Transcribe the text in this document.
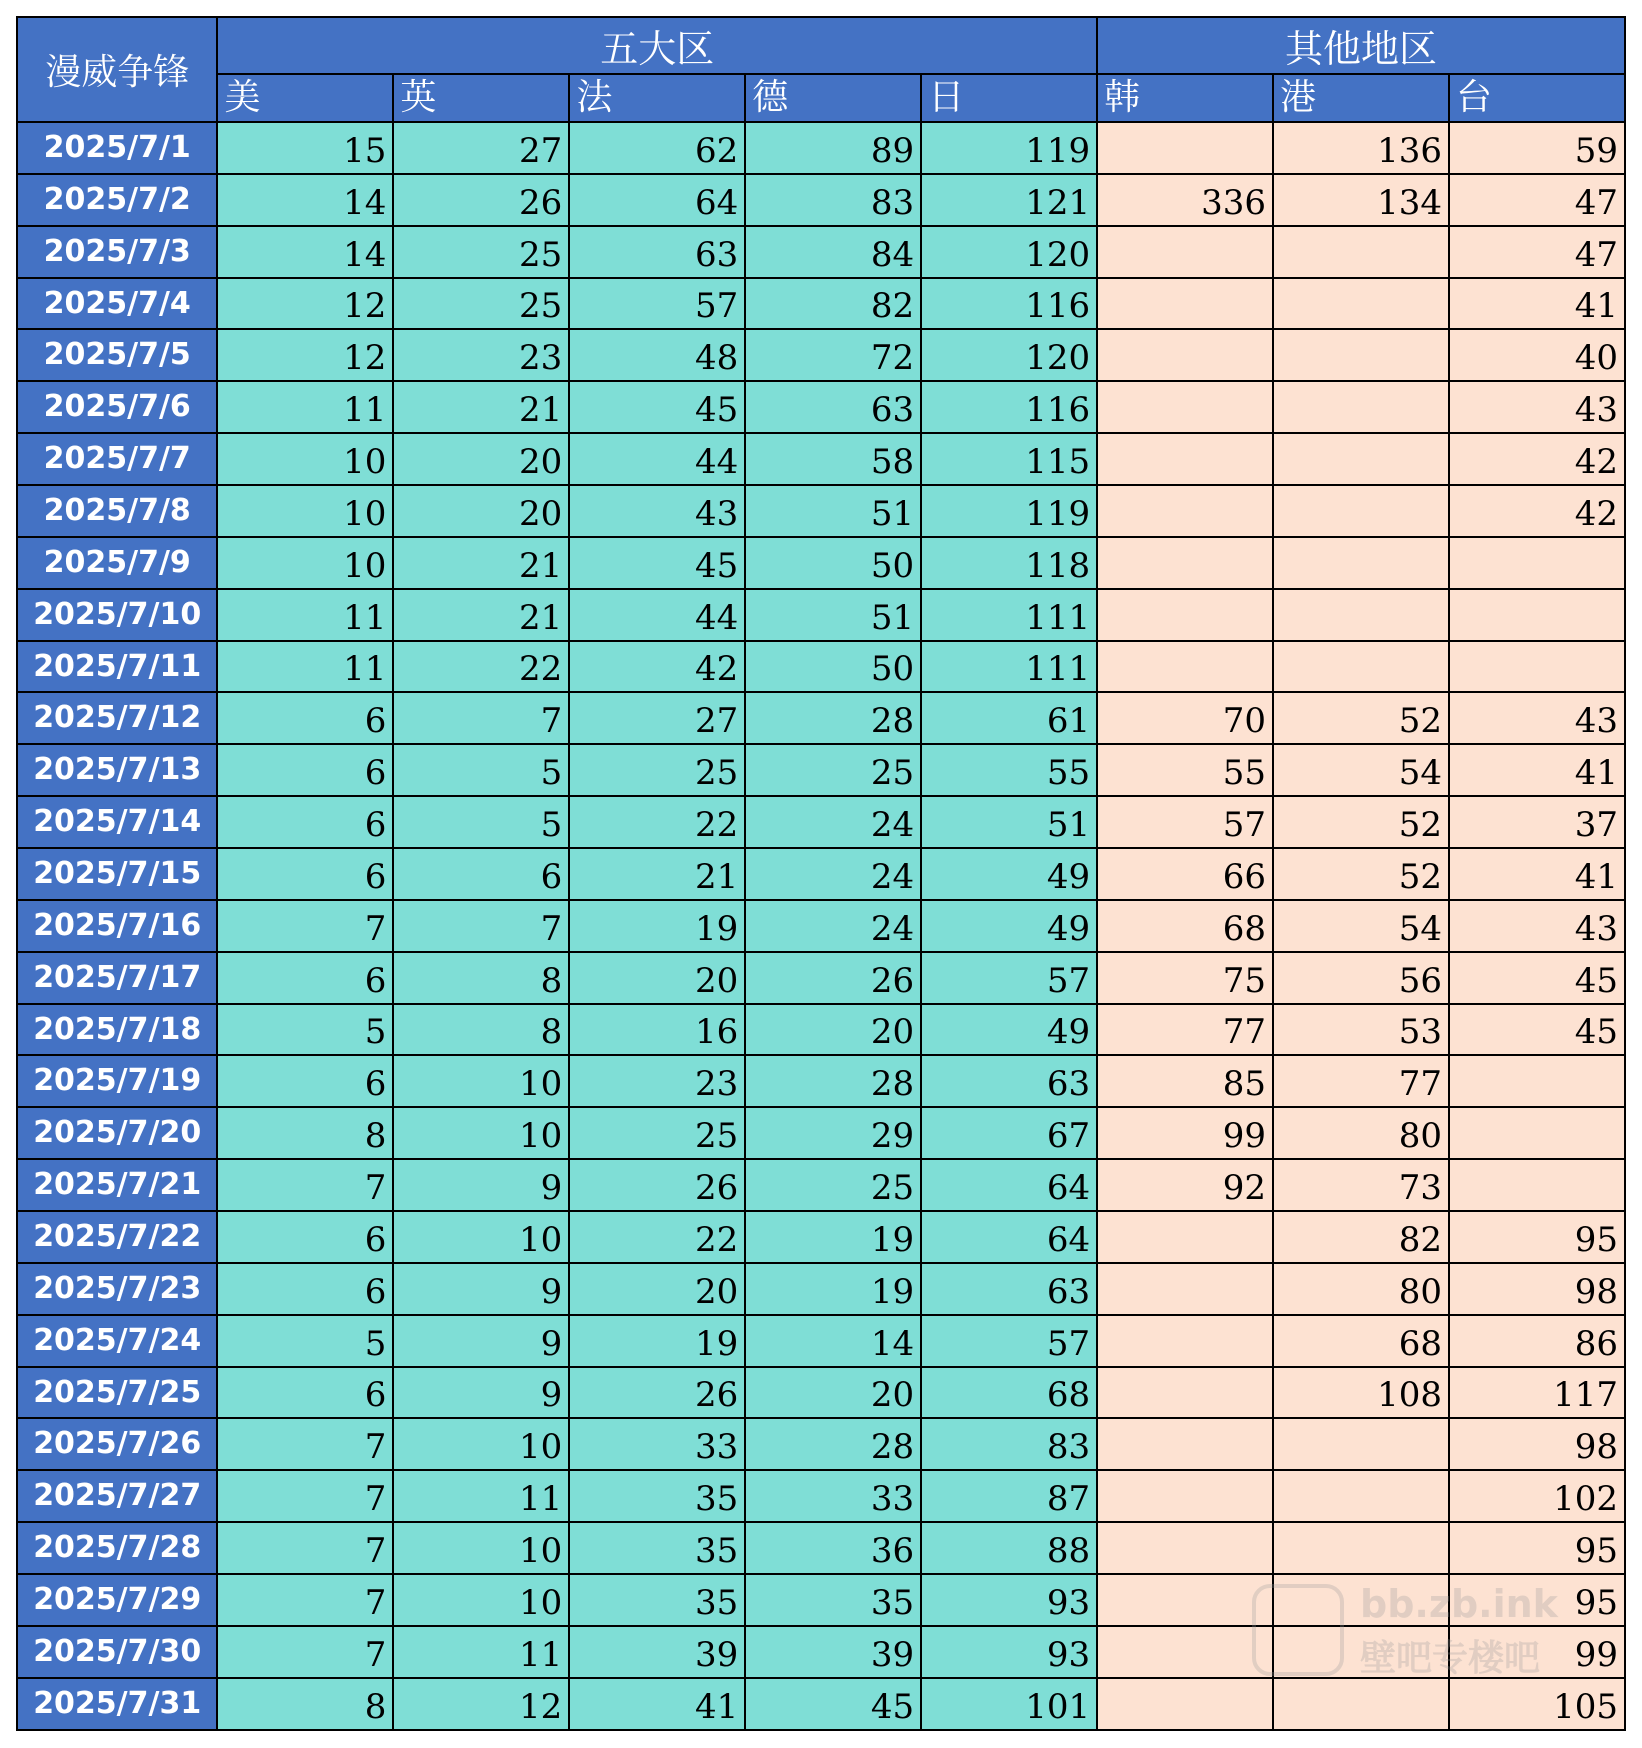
漫威争锋	五大区					其他地区		
	美	英	法	德	日	韩	港	台
2025/7/1	15	27	62	89	119		136	59
2025/7/2	14	26	64	83	121	336	134	47
2025/7/3	14	25	63	84	120			47
2025/7/4	12	25	57	82	116			41
2025/7/5	12	23	48	72	120			40
2025/7/6	11	21	45	63	116			43
2025/7/7	10	20	44	58	115			42
2025/7/8	10	20	43	51	119			42
2025/7/9	10	21	45	50	118			
2025/7/10	11	21	44	51	111			
2025/7/11	11	22	42	50	111			
2025/7/12	6	7	27	28	61	70	52	43
2025/7/13	6	5	25	25	55	55	54	41
2025/7/14	6	5	22	24	51	57	52	37
2025/7/15	6	6	21	24	49	66	52	41
2025/7/16	7	7	19	24	49	68	54	43
2025/7/17	6	8	20	26	57	75	56	45
2025/7/18	5	8	16	20	49	77	53	45
2025/7/19	6	10	23	28	63	85	77	
2025/7/20	8	10	25	29	67	99	80	
2025/7/21	7	9	26	25	64	92	73	
2025/7/22	6	10	22	19	64		82	95
2025/7/23	6	9	20	19	63		80	98
2025/7/24	5	9	19	14	57		68	86
2025/7/25	6	9	26	20	68		108	117
2025/7/26	7	10	33	28	83			98
2025/7/27	7	11	35	33	87			102
2025/7/28	7	10	35	36	88			95
2025/7/29	7	10	35	35	93			95
2025/7/30	7	11	39	39	93			99
2025/7/31	8	12	41	45	101			105
bb.zb.ink
壁吧专楼吧
